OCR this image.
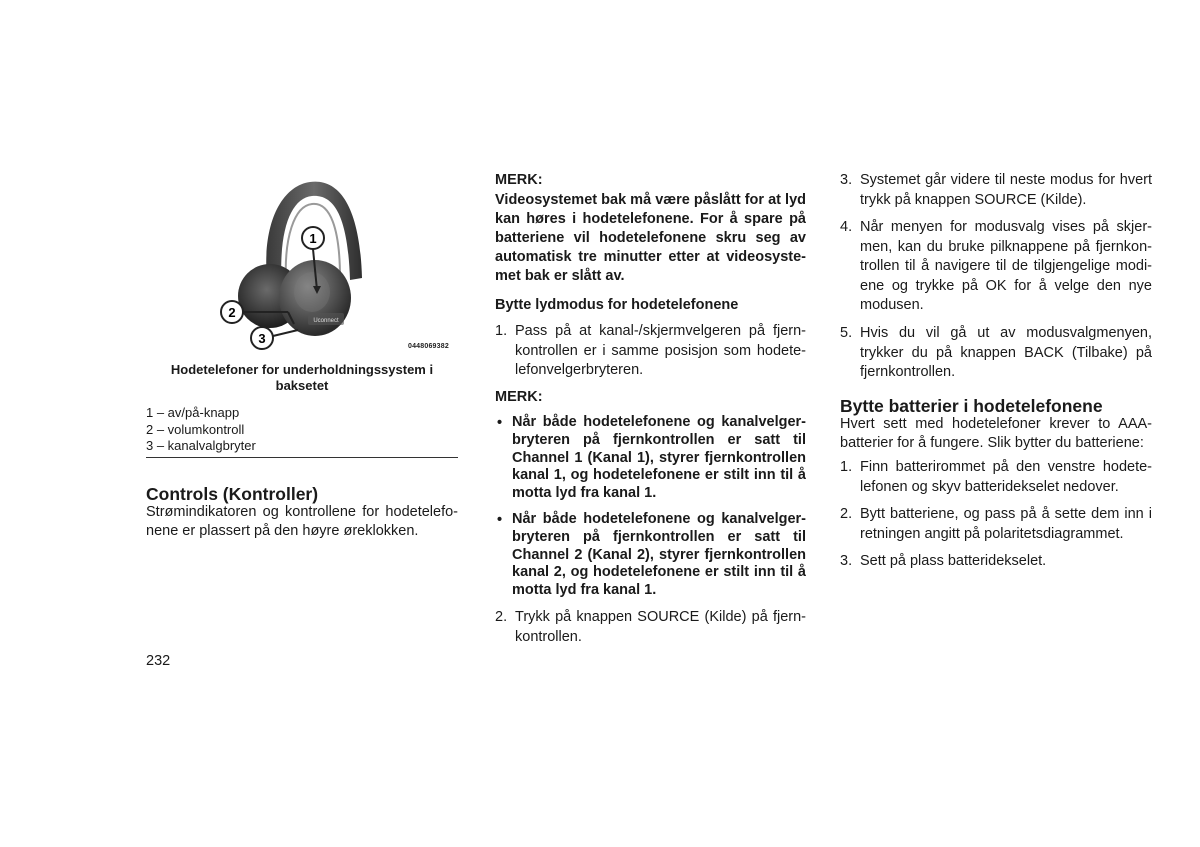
Uconnect
1
2
3
0448069382
Hodetelefoner for underholdningssystem i baksetet
1 – av/på-knapp
2 – volumkontroll
3 – kanalvalgbryter
Controls (Kontroller)
Strømindikatoren og kontrollene for hodetelefo-nene er plassert på den høyre øreklokken.
232
MERK:
Videosystemet bak må være påslått for at lyd kan høres i hodetelefonene. For å spare på batteriene vil hodetelefonene skru seg av automatisk tre minutter etter at videosyste-met bak er slått av.
Bytte lydmodus for hodetelefonene
1. Pass på at kanal-/skjermvelgeren på fjern-kontrollen er i samme posisjon som hodete-lefonvelgerbryteren.
MERK:
• Når både hodetelefonene og kanalvelger-bryteren på fjernkontrollen er satt til Channel 1 (Kanal 1), styrer fjernkontrollen kanal 1, og hodetelefonene er stilt inn til å motta lyd fra kanal 1.
• Når både hodetelefonene og kanalvelger-bryteren på fjernkontrollen er satt til Channel 2 (Kanal 2), styrer fjernkontrollen kanal 2, og hodetelefonene er stilt inn til å motta lyd fra kanal 1.
2. Trykk på knappen SOURCE (Kilde) på fjern-kontrollen.
3. Systemet går videre til neste modus for hvert trykk på knappen SOURCE (Kilde).
4. Når menyen for modusvalg vises på skjer-men, kan du bruke pilknappene på fjernkon-trollen til å navigere til de tilgjengelige modi-ene og trykke på OK for å velge den nye modusen.
5. Hvis du vil gå ut av modusvalgmenyen, trykker du på knappen BACK (Tilbake) på fjernkontrollen.
Bytte batterier i hodetelefonene
Hvert sett med hodetelefoner krever to AAA-batterier for å fungere. Slik bytter du batteriene:
1. Finn batterirommet på den venstre hodete-lefonen og skyv batteridekselet nedover.
2. Bytt batteriene, og pass på å sette dem inn i retningen angitt på polaritetsdiagrammet.
3. Sett på plass batteridekselet.
